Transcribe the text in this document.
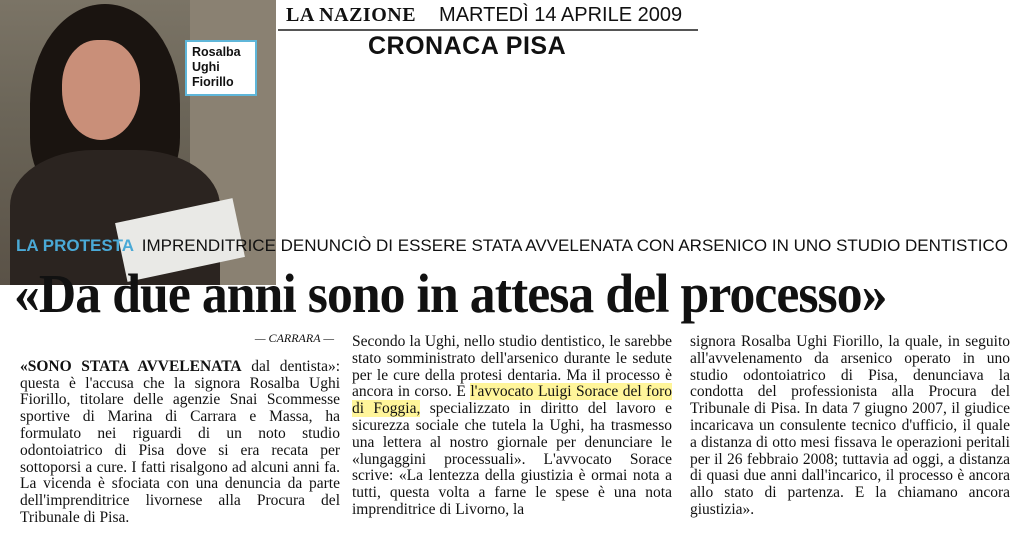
Rosalba Ughi Fiorillo
LA NAZIONE MARTEDÌ 14 APRILE 2009
CRONACA PISA
LA PROTESTA IMPRENDITRICE DENUNCIÒ DI ESSERE STATA AVVELENATA CON ARSENICO IN UNO STUDIO DENTISTICO
«Da due anni sono in attesa del processo»
— CARRARA —

«SONO STATA AVVELENATA dal dentista»: questa è l'accusa che la signora Rosalba Ughi Fiorillo, titolare delle agenzie Snai Scommesse sportive di Marina di Carrara e Massa, ha formulato nei riguardi di un noto studio odontoiatrico di Pisa dove si era recata per sottoporsi a cure. I fatti risalgono ad alcuni anni fa. La vicenda è sfociata con una denuncia da parte dell'imprenditrice livornese alla Procura del Tribunale di Pisa.

Secondo la Ughi, nello studio dentistico, le sarebbe stato somministrato dell'arsenico durante le sedute per le cure della protesi dentaria. Ma il processo è ancora in corso. E l'avvocato Luigi Sorace del foro di Foggia, specializzato in diritto del lavoro e sicurezza sociale che tutela la Ughi, ha trasmesso una lettera al nostro giornale per denunciare le «lungaggini processuali». L'avvocato Sorace scrive: «La lentezza della giustizia è ormai nota a tutti, questa volta a farne le spese è una nota imprenditrice di Livorno, la

signora Rosalba Ughi Fiorillo, la quale, in seguito all'avvelenamento da arsenico operato in uno studio odontoiatrico di Pisa, denunciava la condotta del professionista alla Procura del Tribunale di Pisa. In data 7 giugno 2007, il giudice incaricava un consulente tecnico d'ufficio, il quale a distanza di otto mesi fissava le operazioni peritali per il 26 febbraio 2008; tuttavia ad oggi, a distanza di quasi due anni dall'incarico, il processo è ancora allo stato di partenza. E la chiamano ancora giustizia».
